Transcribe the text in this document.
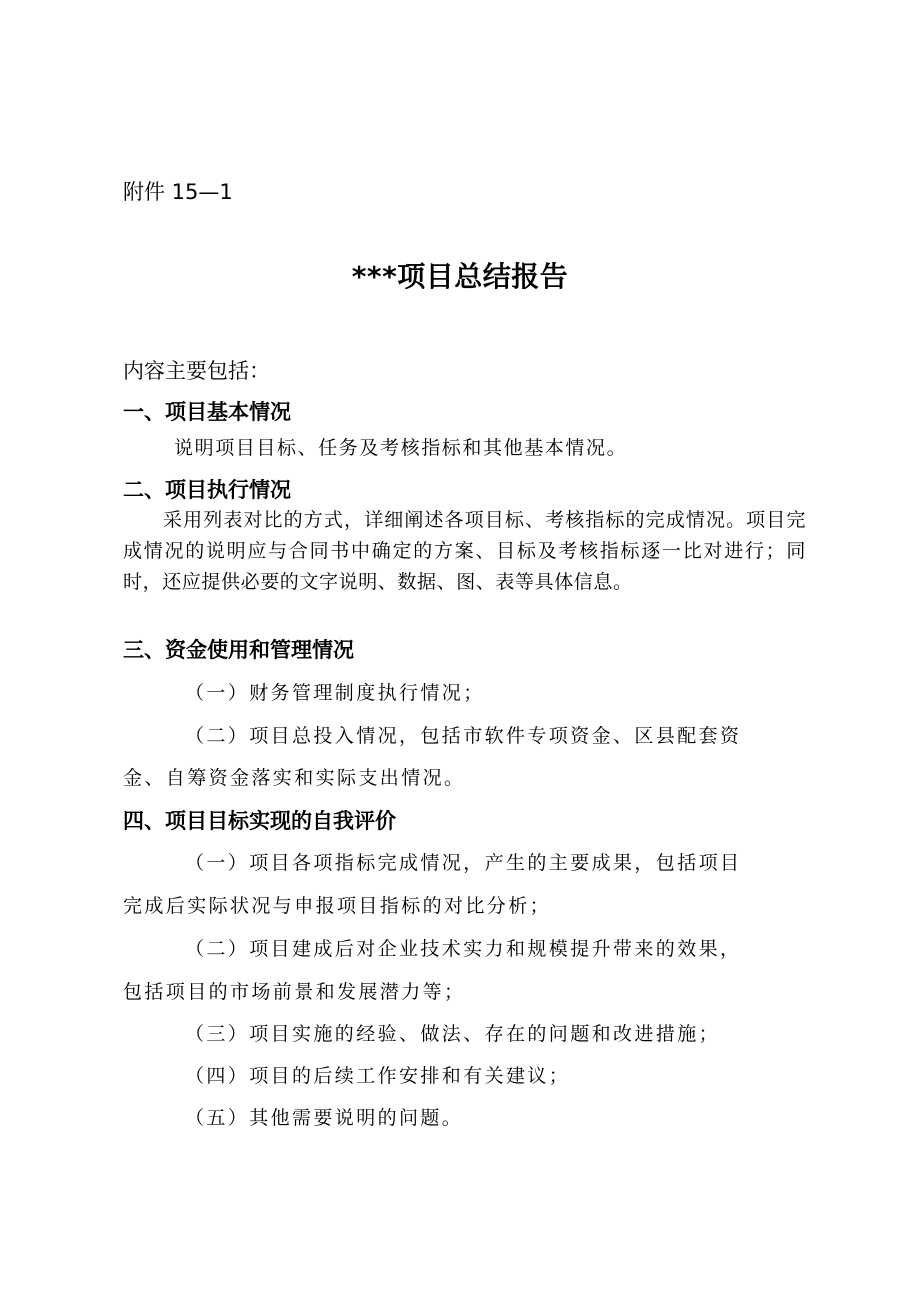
附件 15—1

***项目总结报告

内容主要包括：

一、项目基本情况

说明项目目标、任务及考核指标和其他基本情况。

二、项目执行情况

采用列表对比的方式，详细阐述各项目标、考核指标的完成情况。项目完成情况的说明应与合同书中确定的方案、目标及考核指标逐一比对进行；同时，还应提供必要的文字说明、数据、图、表等具体信息。

三、资金使用和管理情况

（一）财务管理制度执行情况；

（二）项目总投入情况，包括市软件专项资金、区县配套资

金、自筹资金落实和实际支出情况。

四、项目目标实现的自我评价

（一）项目各项指标完成情况，产生的主要成果，包括项目

完成后实际状况与申报项目指标的对比分析；

（二）项目建成后对企业技术实力和规模提升带来的效果，

包括项目的市场前景和发展潜力等；

（三）项目实施的经验、做法、存在的问题和改进措施；

（四）项目的后续工作安排和有关建议；

（五）其他需要说明的问题。
